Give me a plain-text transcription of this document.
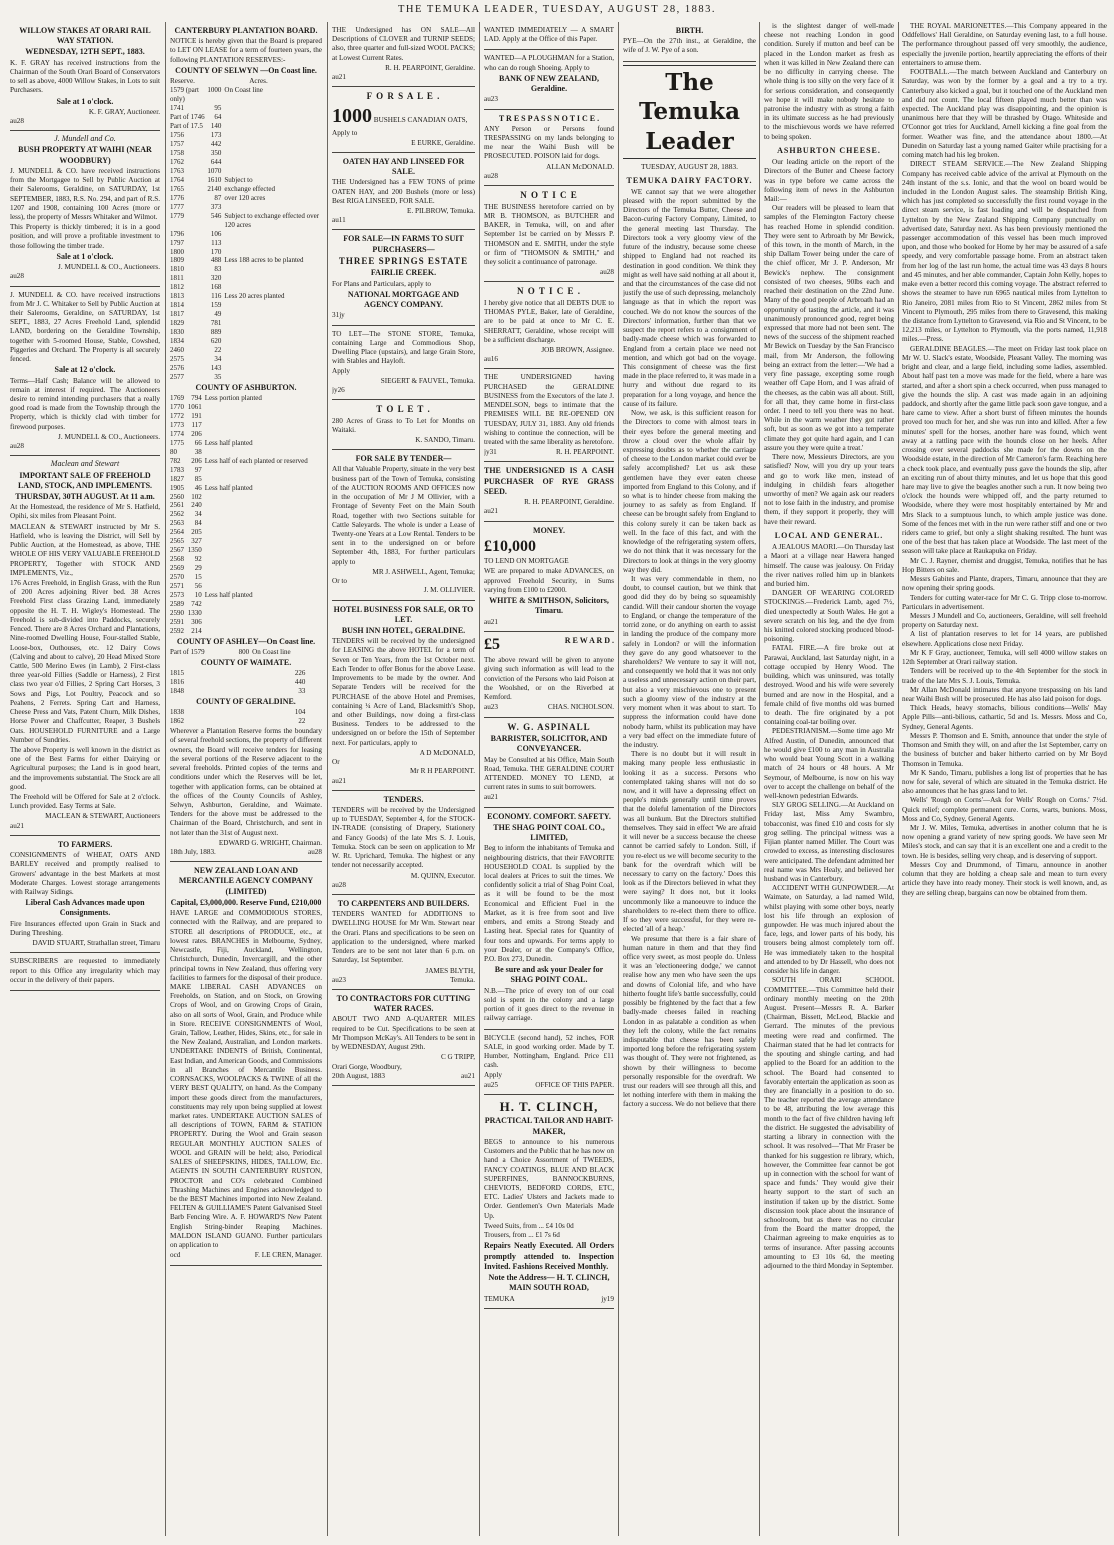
THE TEMUKA LEADER, TUESDAY, AUGUST 28, 1883.
WILLOW STAKES AT ORARI RAIL WAY STATION.
WEDNESDAY, 12TH SEPT., 1883.

K. F. GRAY has received instructions from the Chairman of the South Orari Board of Conservators to sell as above, 4000 Willow Stakes, in Lots to suit Purchasers.

Sale at 1 o'clock.
K. F. GRAY, Auctioneer.
au28
J. Mundell and Co.
BUSH PROPERTY AT WAIHI (NEAR WOODBURY)

J. MUNDELL & CO. have received instructions from the Mortgagee to Sell by Public Auction at their Salerooms, Geraldine, on SATURDAY, 1st SEPTEMBER, 1883, R.S. No. 294, and part of R.S. 1207 and 1908, containing 100 Acres (more or less), the property of Messrs Whitaker and Wilmot.

This Property is thickly timbered; it is in a good position, and will prove a profitable investment to those following the timber trade.

Sale at 1 o'clock.
J. MUNDELL & CO., Auctioneers.
au28

J. MUNDELL & CO. have received instructions from Mr J. C. Whitaker to Sell by Public Auction at their Salerooms, Geraldine, on SATURDAY, 1st SEPT., 1883, 27 Acres Freehold Land, splendid LAND, bordering on the Geraldine Township, together with 5-roomed House, Stable, Cowshed, Piggeries and Orchard. The Property is all securely fenced.

Sale at 12 o'clock.

Terms—Half Cash; Balance will be allowed to remain at interest if required. The Auctioneers desire to remind intending purchasers that a really good road is made from the Township through the Property, which is thickly clad with timber for firewood purposes.

J. MUNDELL & CO., Auctioneers.
au28
Maclean and Stewart
IMPORTANT SALE OF FREEHOLD LAND, STOCK, AND IMPLEMENTS.
THURSDAY, 30TH AUGUST. At 11 a.m.

At the Homestead, the residence of Mr S. Hatfield, Opihi, six miles from Pleasant Point.

MACLEAN & STEWART instructed by Mr S. Hatfield, who is leaving the District, will Sell by Public Auction, at the Homestead, as above, THE WHOLE OF HIS VERY VALUABLE FREEHOLD PROPERTY, Together with STOCK AND IMPLEMENTS, Viz.,

176 Acres Freehold, in English Grass, with the Run of 200 Acres adjoining River bed. 38 Acres Freehold First class Grazing Land, immediately opposite the H. T. H. Wigley's Homestead. The Freehold is sub-divided into Paddocks, securely Fenced. There are 8 Acres Orchard and Plantations, Nine-roomed Dwelling House, Four-stalled Stable, Loose-box, Outhouses, etc. 12 Dairy Cows (Calving and about to calve), 20 Head Mixed Store Cattle, 500 Merino Ewes (in Lamb), 2 First-class three year-old Fillies (Saddle or Harness), 2 First class two year o'd Fillies, 2 Spring Cart Horses, 3 Sows and Pigs, Lot Poultry, Peacock and so Peahens, 2 Ferrets. Spring Cart and Harness, Cheese Press and Vats, Patent Churn, Milk Dishes, Horse Power and Chaffcutter, Reaper, 3 Bushels Oats. HOUSEHOLD FURNITURE and a Large Number of Sundries.

The above Property is well known in the district as one of the Best Farms for either Dairying or Agricultural purposes; the Land is in good heart, and the improvements substantial. The Stock are all good.

The Freehold will be Offered for Sale at 2 o'clock. Lunch provided. Easy Terms at Sale.

MACLEAN & STEWART, Auctioneers
au21
TO FARMERS.

CONSIGNMENTS of WHEAT, OATS AND BARLEY received and promptly realised to Growers' advantage in the best Markets at most Moderate Charges. Lowest storage arrangements with Railway Sidings.

Liberal Cash Advances made upon Consignments.

Fire Insurances effected upon Grain in Stack and During Threshing.

DAVID STUART, Strathallan street, Timaru

SUBSCRIBERS are requested to immediately report to this Office any irregularity which may occur in the delivery of their papers.

CANTERBURY PLANTATION BOARD.

NOTICE is hereby given that the Board is prepared to LET ON LEASE for a term of fourteen years, the following PLANTATION RESERVES:-

COUNTY OF SELWYN —On Coast line.
Reserve.	Acres.
1579 (part only)	1000	On Coast line
1741	95	
Part of 1746	64	
Part of 17.5	140	
1756	173	
1757	442	
1758	350	
1762	644	
1763	1070	
1764	1610	Subject to
1765	2140	exchange effected
1776	87	over 120 acres
1777	373	
1779	546	Subject to exchange effected over 120 acres
1796	106	
1797	113	
1800	170	
1809	488	Less 188 acres to be planted
1810	83	
1811	320	
1812	168	
1813	116	Less 20 acres planted
1814	159	
1817	49	
1829	781	
1830	889	
1834	620	
2460	22	
2575	34	
2576	143	
2577	35	
COUNTY OF ASHBURTON.
1769	794	Less portion planted
1770	1061	
1772	191	
1773	117	
1774	206	
1775	66	Less half planted
80	38	
782	206	Less half of each planted or reserved
1783	97	
1827	85	
1905	46	Less half planted
2560	102	
2561	240	
2562	34	
2563	84	
2564	205	
2565	327	
2567	1350	
2568	92	
2569	29	
2570	15	
2571	56	
2573	10	Less half planted
2589	742	
2590	1330	
2591	306	
2592	214	
COUNTY OF ASHLEY—On Coast line.
Part of 1579	800	On Coast line
COUNTY OF WAIMATE.
1815	226	
1816	440	
1848	33	
COUNTY OF GERALDINE.
1838	104	
1862	22	

Wherever a Plantation Reserve forms the boundary of several freehold sections, the property of different owners, the Board will receive tenders for leasing the several portions of the Reserve adjacent to the several freeholds. Printed copies of the terms and conditions under which the Reserves will be let, together with application forms, can be obtained at the offices of the County Councils of Ashley, Selwyn, Ashburton, Geraldine, and Waimate. Tenders for the above must be addressed to the Chairman of the Board, Christchurch, and sent in not later than the 31st of August next.

EDWARD G. WRIGHT, Chairman.
18th July, 1883.	au28
NEW ZEALAND LOAN AND MERCANTILE AGENCY COMPANY (LIMITED)
Capital, £3,000,000. Reserve Fund, £210,000

HAVE LARGE and COMMODIOUS STORES, connected with the Railway, and are prepared to STORE all descriptions of PRODUCE, etc., at lowest rates. BRANCHES in Melbourne, Sydney, Newcastle, Fiji, Auckland, Wellington, Christchurch, Dunedin, Invercargill, and the other principal towns in New Zealand, thus offering very facilities to farmers for the disposal of their produce. MAKE LIBERAL CASH ADVANCES on Freeholds, on Station, and on Stock, on Growing Crops of Wool, and on Growing Crops of Grain, also on all sorts of Wool, Grain, and Produce while in Store. RECEIVE CONSIGNMENTS of Wool, Grain, Tallow, Leather, Hides, Skins, etc., for sale in the New Zealand, Australian, and London markets. UNDERTAKE INDENTS of British, Continental, East Indian, and American Goods, and Commissions in all Branches of Mercantile Business. CORNSACKS, WOOLPACKS & TWINE of all the VERY BEST QUALITY, on hand. As the Company import these goods direct from the manufacturers, constituents may rely upon being supplied at lowest market rates. UNDERTAKE AUCTION SALES of all descriptions of TOWN, FARM & STATION PROPERTY. During the Wool and Grain season REGULAR MONTHLY AUCTION SALES of WOOL and GRAIN will be held; also, Periodical SALES of SHEEPSKINS, HIDES, TALLOW, Etc. AGENTS IN SOUTH CANTERBURY RUSTON, PROCTOR and CO's celebrated Combined Thrashing Machines and Engines acknowledged to be the BEST Machines imported into New Zealand. FELTEN & GUILLIAME'S Patent Galvanised Steel Barb Fencing Wire. A. F. HOWARD'S New Patent English String-binder Reaping Machines. MALDON ISLAND GUANO. Further particulars on application to

ocd	F. LE CREN, Manager.

THE Undersigned has ON SALE—All Descriptions of CLOVER and TURNIP SEEDS; also, three quarter and full-sized WOOL PACKS; at Lowest Current Rates.

R. H. PEARPOINT, Geraldine.
au21
F O R S A L E .
1000 BUSHELS CANADIAN OATS,
Apply to
E EURKE, Geraldine.
OATEN HAY AND LINSEED FOR SALE.

THE Undersigned has a FEW TONS of prime OATEN HAY, and 200 Bushels (more or less) Best RIGA LINSEED, FOR SALE.

E. PILBROW, Temuka.
au11
FOR SALE—IN FARMS TO SUIT PURCHASERS—
THREE SPRINGS ESTATE
FAIRLIE CREEK.

For Plans and Particulars, apply to

NATIONAL MORTGAGE AND AGENCY COMPANY.
31jy

TO LET—The STONE STORE, Temuka, containing Large and Commodious Shop, Dwelling Place (upstairs), and large Grain Store, with Stables and Hayloft.

Apply
SIEGERT & FAUVEL, Temuka.
jy26
T O L E T .

280 Acres of Grass to To Let for Months on Waitaki.

K. SANDO, Timaru.
FOR SALE BY TENDER—

All that Valuable Property, situate in the very best business part of the Town of Temuka, consisting of the AUCTION ROOMS AND OFFICES now in the occupation of Mr J M Ollivier, with a Frontage of Seventy Feet on the Main South Road, together with two Sections suitable for Cattle Saleyards. The whole is under a Lease of Twenty-one Years at a Low Rental. Tenders to be sent in to the undersigned on or before September 4th, 1883, For further particulars apply to

MR J. ASHWELL, Agent, Temuka;
Or to
J. M. OLLIVIER.
HOTEL BUSINESS FOR SALE, OR TO LET.
BUSH INN HOTEL, GERALDINE.

TENDERS will be received by the undersigned for LEASING the above HOTEL for a term of Seven or Ten Years, from the 1st October next. Each Tender to offer Bonus for the above Lease. Improvements to be made by the owner. And Separate Tenders will be received for the PURCHASE of the above Hotel and Premises, containing ¼ Acre of Land, Blacksmith's Shop, and other Buildings, now doing a first-class Business. Tenders to be addressed to the undersigned on or before the 15th of September next. For particulars, apply to

A D McDONALD,
Or
Mr R H PEARPOINT.
au21
TENDERS.

TENDERS will be received by the Undersigned up to TUESDAY, September 4, for the STOCK-IN-TRADE (consisting of Drapery, Stationery and Fancy Goods) of the late Mrs S. J. Louis, Temuka. Stock can be seen on application to Mr W. Rt. Uprichard, Temuka. The highest or any tender not necessarily accepted.

M. QUINN, Executor.
au28
TO CARPENTERS AND BUILDERS.

TENDERS WANTED for ADDITIONS to DWELLING HOUSE for Mr Wm. Stewart near the Orari. Plans and specifications to be seen on application to the undersigned, where marked Tenders are to be sent not later than 6 p.m. on Saturday, 1st September.

JAMES BLYTH,
au23	Temuka.
TO CONTRACTORS FOR CUTTING WATER RACES.

ABOUT TWO AND A-QUARTER MILES required to be Cut. Specifications to be seen at Mr Thompson McKay's. All Tenders to be sent in by WEDNESDAY, August 29th.

C G TRIPP,
Orari Gorge, Woodbury,
20th August, 1883	au21

WANTED IMMEDIATELY — A SMART LAD. Apply at the Office of this Paper.

WANTED—A PLOUGHMAN for a Station, who can do rough Shoeing. Apply to

BANK OF NEW ZEALAND, Geraldine.
au23
T R E S P A S S N O T I C E .

ANY Person or Persons found TRESPASSING on my lands belonging to me near the Waihi Bush will be PROSECUTED. POISON laid for dogs.

ALLAN McDONALD.
au28
N O T I C E

THE BUSINESS heretofore carried on by MR B. THOMSON, as BUTCHER and BAKER, in Temuka, will, on and after September 1st be carried on by Messrs P. THOMSON and E. SMITH, under the style or firm of "THOMSON & SMITH," and they solicit a continuance of patronage.

au28
N O T I C E .

I hereby give notice that all DEBTS DUE to THOMAS PYLE, Baker, late of Geraldine, are to be paid at once to Mr C. E. SHERRATT, Geraldine, whose receipt will be a sufficient discharge.

JOB BROWN, Assignee.
au16

THE UNDERSIGNED having PURCHASED the GERALDINE BUSINESS from the Executors of the late J. MENDELSON, begs to intimate that the PREMISES WILL BE RE-OPENED ON TUESDAY, JULY 31, 1883. Any old friends wishing to continue the connection, will be treated with the same liberality as heretofore.

jy31	R. H. PEARPOINT.

THE UNDERSIGNED IS A CASH PURCHASER OF RYE GRASS SEED.

R. H. PEARPOINT, Geraldine.
au21
MONEY.
£10,000
TO LEND ON MORTGAGE

WE are prepared to make ADVANCES, on approved Freehold Security, in Sums varying from £100 to £2000.

WHITE & SMITHSON, Solicitors, Timaru.
au21
£5	R E W A R D .

The above reward will be given to anyone giving such information as will lead to the conviction of the Persons who laid Poison at the Woolshed, or on the Riverbed at Kemford.

au23	CHAS. NICHOLSON.
W. G. ASPINALL
BARRISTER, SOLICITOR, AND CONVEYANCER.

May be Consulted at his Office, Main South Road, Temuka. THE GERALDINE COURT ATTENDED. MONEY TO LEND, at current rates in sums to suit borrowers.

au21
ECONOMY. COMFORT. SAFETY.
THE SHAG POINT COAL CO., LIMITED,

Beg to inform the inhabitants of Temuka and neighbouring districts, that their FAVORITE HOUSEHOLD COAL Is supplied by the local dealers at Prices to suit the times. We confidently solicit a trial of Shag Point Coal, as it will be found to be the most Economical and Efficient Fuel in the Market, as it is free from soot and live embers, and emits a Strong Steady and Lasting heat. Special rates for Quantity of four tons and upwards. For terms apply to your Dealer, or at the Company's Office, P.O. Box 273, Dunedin.

Be sure and ask your Dealer for SHAG POINT COAL.

N.B.—The price of every ton of our coal sold is spent in the colony and a large portion of it goes direct to the revenue in railway carriage.

BICYCLE (second hand), 52 inches, FOR SALE, in good working order. Made by T. Humber, Nottingham, England. Price £11 cash.

Apply
au25	OFFICE OF THIS PAPER.
H. T. CLINCH,
PRACTICAL TAILOR AND HABIT-MAKER,

BEGS to announce to his numerous Customers and the Public that he has now on hand a Choice Assortment of TWEEDS, FANCY COATINGS, BLUE AND BLACK SUPERFINES, BANNOCKBURNS, CHEVIOTS, BEDFORD CORDS, ETC, ETC. Ladies' Ulsters and Jackets made to Order. Gentlemen's Own Materials Made Up.

Tweed Suits, from ... £4 10s 0d
Trousers, from ... £1 7s 6d

Repairs Neatly Executed. All Orders promptly attended to. Inspection Invited. Fashions Received Monthly.

Note the Address— H. T. CLINCH, MAIN SOUTH ROAD,
TEMUKA	jy19
BIRTH.

PYE—On the 27th inst., at Geraldine, the wife of J. W. Pye of a son.

The Temuka Leader
TUESDAY, AUGUST 28, 1883.
TEMUKA DAIRY FACTORY.

WE cannot say that we were altogether pleased with the report submitted by the Directors of the Temuka Butter, Cheese and Bacon-curing Factory Company, Limited, to the general meeting last Thursday. The Directors took a very gloomy view of the future of the industry, because some cheese shipped to England had not reached its destination in good condition. We think they might as well have said nothing at all about it, and that the circumstances of the case did not justify the use of such depressing, melancholy language as that in which the report was couched. We do not know the sources of the Directors' information, further than that we suspect the report refers to a consignment of badly-made cheese which was forwarded to England from a certain place we need not mention, and which got bad on the voyage. This consignment of cheese was the first made in the place referred to, it was made in a hurry and without due regard to its preparation for a long voyage, and hence the cause of its failure.

Now, we ask, is this sufficient reason for the Directors to come with almost tears in their eyes before the general meeting and throw a cloud over the whole affair by expressing doubts as to whether the carriage of cheese to the London market could ever be safely accomplished? Let us ask these gentlemen have they ever eaten cheese imported from England to this Colony, and if so what is to hinder cheese from making the journey to as safely as from England. If cheese can be brought safely from England to this colony surely it can be taken back as well. In the face of this fact, and with the knowledge of the refrigerating system offers, we do not think that it was necessary for the Directors to look at things in the very gloomy way they did.

It was very commendable in them, no doubt, to counsel caution, but we think that good did they do by being so squeamishly candid. Will their candour shorten the voyage to England, or change the temperature of the torrid zone, or do anything on earth to assist in landing the produce of the company more safely in London? or will the information they gave do any good whatsoever to the shareholders? We venture to say it will not, and consequently we hold that it was not only a useless and unnecessary action on their part, but also a very mischievous one to present such a gloomy view of the industry at the very moment when it was about to start. To suppress the information could have done nobody harm, whilst its publication may have a very bad effect on the immediate future of the industry.

There is no doubt but it will result in making many people less enthusiastic in looking it as a success. Persons who contemplated taking shares will not do so now, and it will have a depressing effect on people's minds generally until time proves that the doleful lamentation of the Directors was all bunkum. But the Directors stultified themselves. They said in effect 'We are afraid it will never be a success because the cheese cannot be carried safely to London. Still, if you re-elect us we will become security to the bank for the overdraft which will be necessary to carry on the factory.' Does this look as if the Directors believed in what they were saying? It does not, but it looks uncommonly like a manoeuvre to induce the shareholders to re-elect them there to office. If so they were successful, for they were re-elected 'all of a heap.'

We presume that there is a fair share of human nature in them and that they find office very sweet, as most people do. Unless it was an 'electioneering dodge,' we cannot realise how any men who have seen the ups and downs of Colonial life, and who have hitherto fought life's battle successfully, could possibly be frightened by the fact that a few badly-made cheeses failed in reaching London in as palatable a condition as when they left the colony, while the fact remains indisputable that cheese has been safely imported long before the refrigerating system was thought of. They were not frightened, as shown by their willingness to become personally responsible for the overdraft. We trust our readers will see through all this, and let nothing interfere with them in making the factory a success. We do not believe that there

is the slightest danger of well-made cheese not reaching London in good condition. Surely if mutton and beef can be placed in the London market as fresh as when it was killed in New Zealand there can be no difficulty in carrying cheese. The whole thing is too silly on the very face of it for serious consideration, and consequently we hope it will make nobody hesitate to patronise the industry with as strong a faith in its ultimate success as he had previously to the mischievous words we have referred to being spoken.

ASHBURTON CHEESE.

Our leading article on the report of the Directors of the Butter and Cheese factory was in type before we came across the following item of news in the Ashburton Mail:—

Our readers will be pleased to learn that samples of the Flemington Factory cheese has reached Home in splendid condition. They were sent to Arbroath by Mr Bewick, of this town, in the month of March, in the ship Dallam Tower being under the care of the chief officer, Mr J. P. Anderson, Mr Bewick's nephew. The consignment consisted of two cheeses, 90lbs each and reached their destination on the 22nd June. Many of the good people of Arbroath had an opportunity of tasting the article, and it was unanimously pronounced good, regret being expressed that more had not been sent. The news of the success of the shipment reached Mr Bewick on Tuesday by the San Francisco mail, from Mr Anderson, the following being an extract from the letter:—'We had a very fine passage, excepting some rough weather off Cape Horn, and I was afraid of the cheeses, as the cabin was all about. Still, for all that, they came home in first-class order. I need to tell you there was no heat. While in the warm weather they got rather soft, but as soon as we got into a temperate climate they got quite hard again, and I can assure you they were quite a treat.'

There now, Messieurs Directors, are you satisfied? Now, will you dry up your tears and go to work like men, instead of indulging in childish fears altogether unworthy of men? We again ask our readers not to lose faith in the industry, and promise them, if they support it properly, they will have their reward.

LOCAL AND GENERAL.

A JEALOUS MAORI.—On Thursday last a Maori at a village near Hawera hanged himself. The cause was jealousy. On Friday the river natives rolled him up in blankets and buried him.

DANGER OF WEARING COLORED STOCKINGS.—Frederick Lamb, aged 7½, died unexpectedly at South Wales. He got a severe scratch on his leg, and the dye from his knitted colored stocking produced blood-poisoning.

FATAL FIRE.—A fire broke out at Parawai, Auckland, last Saturday night, in a cottage occupied by Henry Wood. The building, which was uninsured, was totally destroyed. Wood and his wife were severely burned and are now in the Hospital, and a female child of five months old was burned to death. The fire originated by a pot containing coal-tar boiling over.

PEDESTRIANISM.—Some time ago Mr Alfred Austin, of Dunedin, announced that he would give £100 to any man in Australia who would beat Young Scott in a walking match of 24 hours or 48 hours. A Mr Seymour, of Melbourne, is now on his way over to accept the challenge on behalf of the well-known pedestrian Edwards.

SLY GROG SELLING.—At Auckland on Friday last, Miss Amy Swambro, tobacconist, was fined £10 and costs for sly grog selling. The principal witness was a Fijian planter named Miller. The Court was crowded to excess, as interesting disclosures were anticipated. The defendant admitted her real name was Mrs Healy, and believed her husband was in Canterbury.

ACCIDENT WITH GUNPOWDER.—At Waimate, on Saturday, a lad named Wild, whilst playing with some other boys, nearly lost his life through an explosion of gunpowder. He was much injured about the face, legs, and lower parts of his body, his trousers being almost completely torn off. He was immediately taken to the hospital and attended to by Dr Hassell, who does not consider his life in danger.

SOUTH ORARI SCHOOL COMMITTEE.—This Committee held their ordinary monthly meeting on the 20th August. Present—Messrs R. A. Barker (Chairman, Bissett, McLeod, Blackie and Gerrard. The minutes of the previous meeting were read and confirmed. The Chairman stated that he had let contracts for the spouting and shingle carting, and had applied to the Board for an addition to the school. The Board had consented to favorably entertain the application as soon as they are financially in a position to do so. The teacher reported the average attendance to be 48, attributing the low average this month to the fact of five children having left the district. He suggested the advisability of starting a library in connection with the school. It was resolved—'That Mr Fraser be thanked for his suggestion re library, which, however, the Committee fear cannot be got up in connection with the school for want of space and funds.' They would give their hearty support to the start of such an institution if taken up by the district. Some discussion took place about the insurance of schoolroom, but as there was no circular from the Board the matter dropped, the Chairman agreeing to make enquiries as to terms of insurance. After passing accounts amounting to £3 10s 6d, the meeting adjourned to the third Monday in September.

THE ROYAL MARIONETTES.—This Company appeared in the Oddfellows' Hall Geraldine, on Saturday evening last, to a full house. The performance throughout passed off very smoothly, the audience, especially the juvenile portion, heartily appreciating the efforts of their entertainers to amuse them.

FOOTBALL.—The match between Auckland and Canterbury on Saturday, was won by the former by a goal and a try to a try. Canterbury also kicked a goal, but it touched one of the Auckland men and did not count. The local fifteen played much better than was expected. The Auckland play was disappointing, and the opinion is unanimous here that they will be thrashed by Otago. Whiteside and O'Connor got tries for Auckland, Arnell kicking a fine goal from the former. Weather was fine, and the attendance about 1800.—At Dunedin on Saturday last a young named Gaiter while practising for a coming match had his leg broken.

DIRECT STEAM SERVICE.—The New Zealand Shipping Company has received cable advice of the arrival at Plymouth on the 24th instant of the s.s. Ionic, and that the wool on board would be included in the London August sales. The steamship British King, which has just completed so successfully the first round voyage in the direct steam service, is fast loading and will be despatched from Lyttelton by the New Zealand Shipping Company punctually on advertised date, Saturday next. As has been previously mentioned the passenger accommodation of this vessel has been much improved upon, and those who booked for Home by her may be assured of a safe speedy, and very comfortable passage home. From an abstract taken from her log of the last run home, the actual time was 43 days 8 hours and 45 minutes, and her able commander, Captain John Kelly, hopes to make even a better record this coming voyage. The abstract referred to shows the steamer to have run 6965 nautical miles from Lyttelton to Rio Janeiro, 2081 miles from Rio to St Vincent, 2862 miles from St Vincent to Plymouth, 295 miles from there to Gravesend, this making the distance from Lyttelton to Gravesend, via Rio and St Vincent, to be 12,213 miles, or Lyttelton to Plymouth, via the ports named, 11,918 miles.—Press.

GERALDINE BEAGLES.—The meet on Friday last took place on Mr W. U. Slack's estate, Woodside, Pleasant Valley. The morning was bright and clear, and a large field, including some ladies, assembled. About half past ten a move was made for the field, where a hare was started, and after a short spin a check occurred, when puss managed to give the hounds the slip. A cast was made again in an adjoining paddock, and shortly after the game little pack soon gave tongue, and a hare came to view. After a short burst of fifteen minutes the hounds proved too much for her, and she was run into and killed. After a few minutes' spell for the horses, another hare was found, which went away at a rattling pace with the hounds close on her heels. After crossing over several paddocks she made for the downs on the Woodside estate, in the direction of Mr Cameron's farm. Reaching here a check took place, and eventually puss gave the hounds the slip, after an exciting run of about thirty minutes, and let us hope that this good hare may live to give the beagles another such a run. It now being two o'clock the hounds were whipped off, and the party returned to Woodside, where they were most hospitably entertained by Mr and Mrs Slack to a sumptuous lunch, to which ample justice was done. Some of the fences met with in the run were rather stiff and one or two riders came to grief, but only a slight shaking resulted. The hunt was one of the best that has taken place at Woodside. The last meet of the season will take place at Raukapuka on Friday.

Mr C. J. Rayner, chemist and druggist, Temuka, notifies that he has Hop Bitters on sale.

Messrs Gabites and Plante, drapers, Timaru, announce that they are now opening their spring goods.

Tenders for cutting water-race for Mr C. G. Tripp close to-morrow. Particulars in advertisement.

Messrs J Mundell and Co, auctioneers, Geraldine, will sell freehold property on Saturday next.

A list of plantation reserves to let for 14 years, are published elsewhere. Applications close next Friday.

Mr K F Gray, auctioneer, Temuka, will sell 4000 willow stakes on 12th September at Orari railway station.

Tenders will be received up to the 4th September for the stock in trade of the late Mrs S. J. Louis, Temuka.

Mr Allan McDonald intimates that anyone trespassing on his land near Waihi Bush will be prosecuted. He has also laid poison for dogs.

Thick Heads, heavy stomachs, bilious conditions—Wells' May Apple Pills—anti-bilious, cathartic, 5d and 1s. Messrs. Moss and Co, Sydney, General Agents.

Messrs P. Thomson and E. Smith, announce that under the style of Thomson and Smith they will, on and after the 1st September, carry on the business of butcher and baker hitherto carried on by Mr Boyd Thomson in Temuka.

Mr K Sando, Timaru, publishes a long list of properties that he has now for sale, several of which are situated in the Temuka district. He also announces that he has grass land to let.

Wells' 'Rough on Corns'—Ask for Wells' Rough on Corns.' 7½d. Quick relief; complete permanent cure. Corns, warts, bunions. Moss, Moss and Co, Sydney, General Agents.

Mr J. W. Miles, Temuka, advertises in another column that he is now opening a grand variety of new spring goods. We have seen Mr Miles's stock, and can say that it is an excellent one and a credit to the town. He is besides, selling very cheap, and is deserving of support.

Messrs Coy and Drummond, of Timaru, announce in another column that they are holding a cheap sale and mean to turn every article they have into ready money. Their stock is well known, and, as they are selling cheap, bargains can now be obtained from them.
